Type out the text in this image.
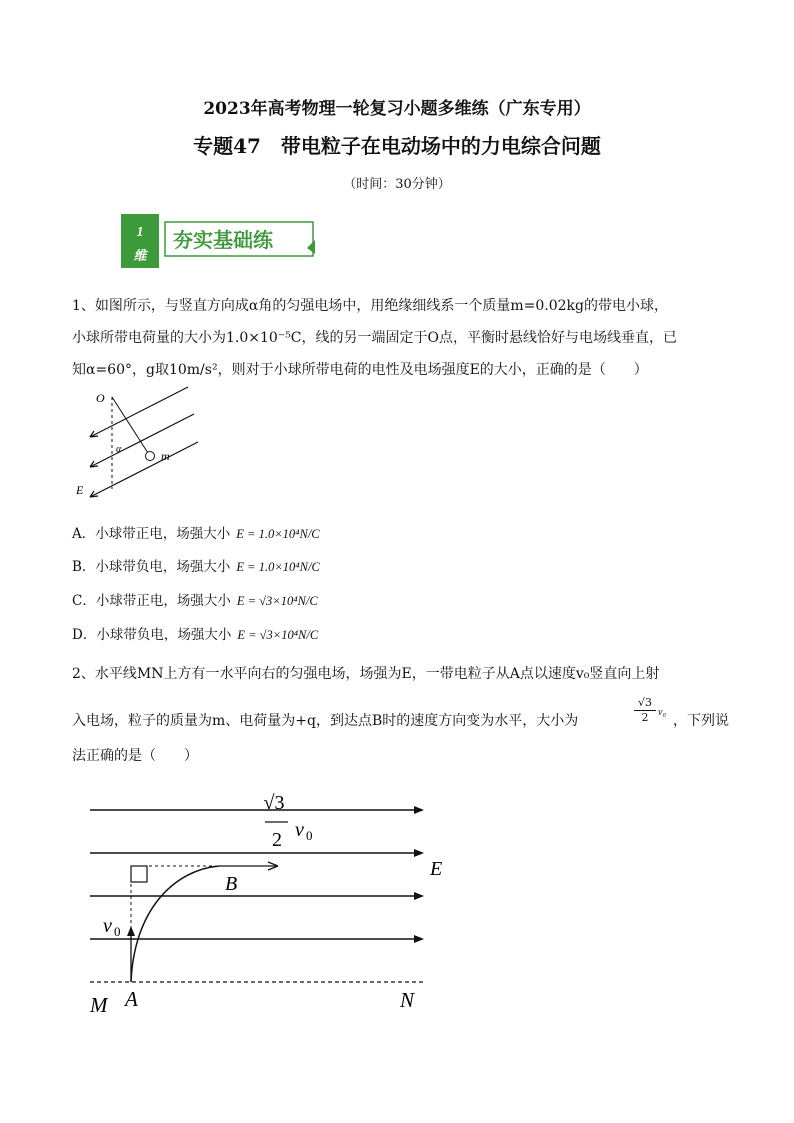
2023年高考物理一轮复习小题多维练（广东专用）
专题47　带电粒子在电动场中的力电综合问题
（时间：30分钟）
1
维
夯实基础练
1、如图所示，与竖直方向成α角的匀强电场中，用绝缘细线系一个质量m=0.02kg的带电小球，
小球所带电荷量的大小为1.0×10⁻⁵C，线的另一端固定于O点，平衡时悬线恰好与电场线垂直，已
知α=60°，g取10m/s²，则对于小球所带电荷的电性及电场强度E的大小，正确的是（　　）
O
α	m
E
A．小球带正电，场强大小 E = 1.0×10⁴N/C
B．小球带负电，场强大小 E = 1.0×10⁴N/C
C．小球带正电，场强大小 E = √3×10⁴N/C
D．小球带负电，场强大小 E = √3×10⁴N/C
2、水平线MN上方有一水平向右的匀强电场，场强为E，一带电粒子从A点以速度v₀竖直向上射
入电场，粒子的质量为m、电荷量为+q，到达点B时的速度方向变为水平，大小为	$\frac{√3}{2} v_0$
，下列说
法正确的是（　　）
√3
2 v 0
E
B
v 0
M A	N
